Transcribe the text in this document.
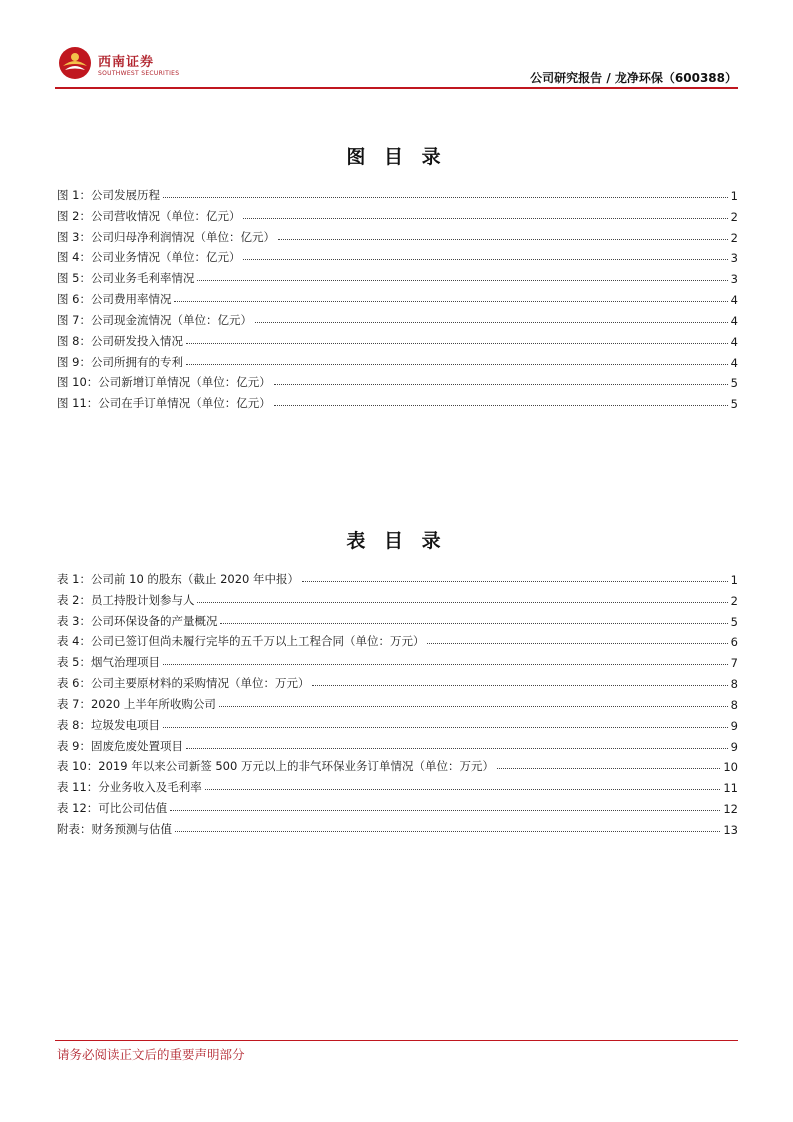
西南证券
SOUTHWEST SECURITIES	公司研究报告 / 龙净环保（600388）
图 目 录
图 1：公司发展历程	1
图 2：公司营收情况（单位：亿元）	2
图 3：公司归母净利润情况（单位：亿元）	2
图 4：公司业务情况（单位：亿元）	3
图 5：公司业务毛利率情况	3
图 6：公司费用率情况	4
图 7：公司现金流情况（单位：亿元）	4
图 8：公司研发投入情况	4
图 9：公司所拥有的专利	4
图 10：公司新增订单情况（单位：亿元）	5
图 11：公司在手订单情况（单位：亿元）	5
表 目 录
表 1：公司前 10 的股东（截止 2020 年中报）	1
表 2：员工持股计划参与人	2
表 3：公司环保设备的产量概况	5
表 4：公司已签订但尚未履行完毕的五千万以上工程合同（单位：万元）	6
表 5：烟气治理项目	7
表 6：公司主要原材料的采购情况（单位：万元）	8
表 7：2020 上半年所收购公司	8
表 8：垃圾发电项目	9
表 9：固废危废处置项目	9
表 10：2019 年以来公司新签 500 万元以上的非气环保业务订单情况（单位：万元）	10
表 11：分业务收入及毛利率	11
表 12：可比公司估值	12
附表：财务预测与估值	13
请务必阅读正文后的重要声明部分
